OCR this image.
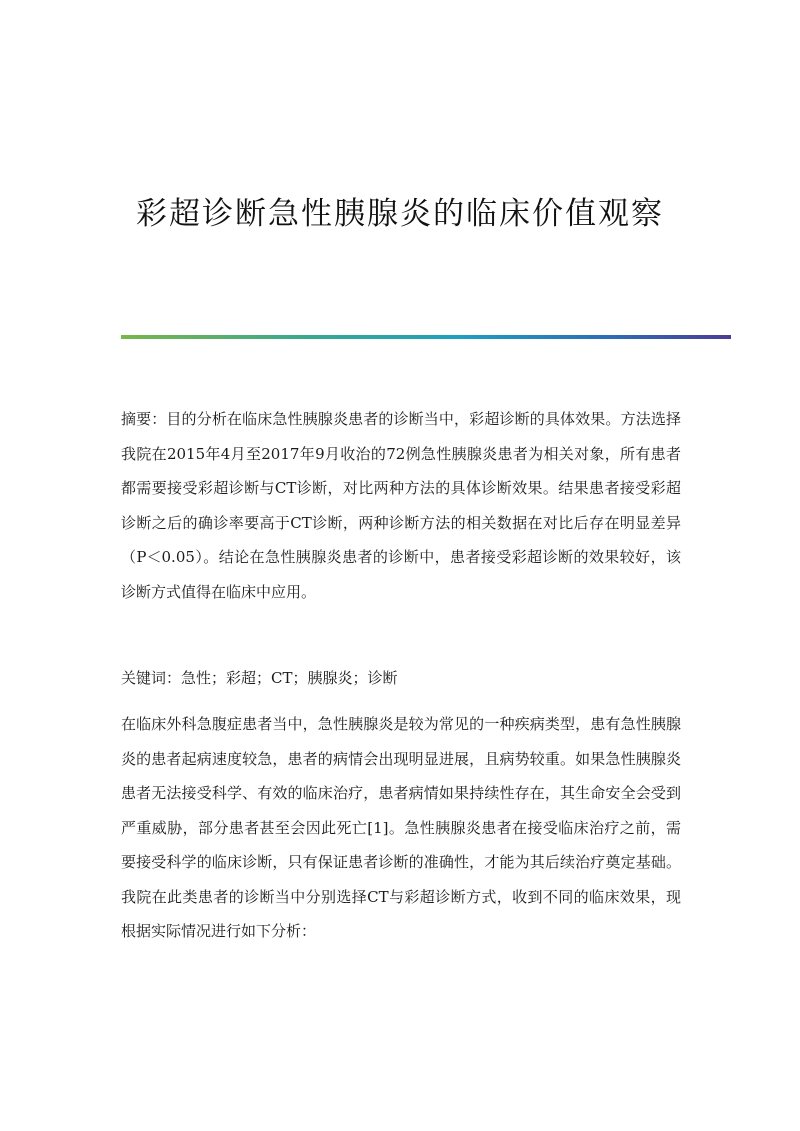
彩超诊断急性胰腺炎的临床价值观察
摘要：目的分析在临床急性胰腺炎患者的诊断当中，彩超诊断的具体效果。方法选择我院在2015年4月至2017年9月收治的72例急性胰腺炎患者为相关对象，所有患者都需要接受彩超诊断与CT诊断，对比两种方法的具体诊断效果。结果患者接受彩超诊断之后的确诊率要高于CT诊断，两种诊断方法的相关数据在对比后存在明显差异（P＜0.05）。结论在急性胰腺炎患者的诊断中，患者接受彩超诊断的效果较好，该诊断方式值得在临床中应用。
关键词：急性；彩超；CT；胰腺炎；诊断
在临床外科急腹症患者当中，急性胰腺炎是较为常见的一种疾病类型，患有急性胰腺炎的患者起病速度较急，患者的病情会出现明显进展，且病势较重。如果急性胰腺炎患者无法接受科学、有效的临床治疗，患者病情如果持续性存在，其生命安全会受到严重威胁，部分患者甚至会因此死亡[1]。急性胰腺炎患者在接受临床治疗之前，需要接受科学的临床诊断，只有保证患者诊断的准确性，才能为其后续治疗奠定基础。我院在此类患者的诊断当中分别选择CT与彩超诊断方式，收到不同的临床效果，现根据实际情况进行如下分析：
